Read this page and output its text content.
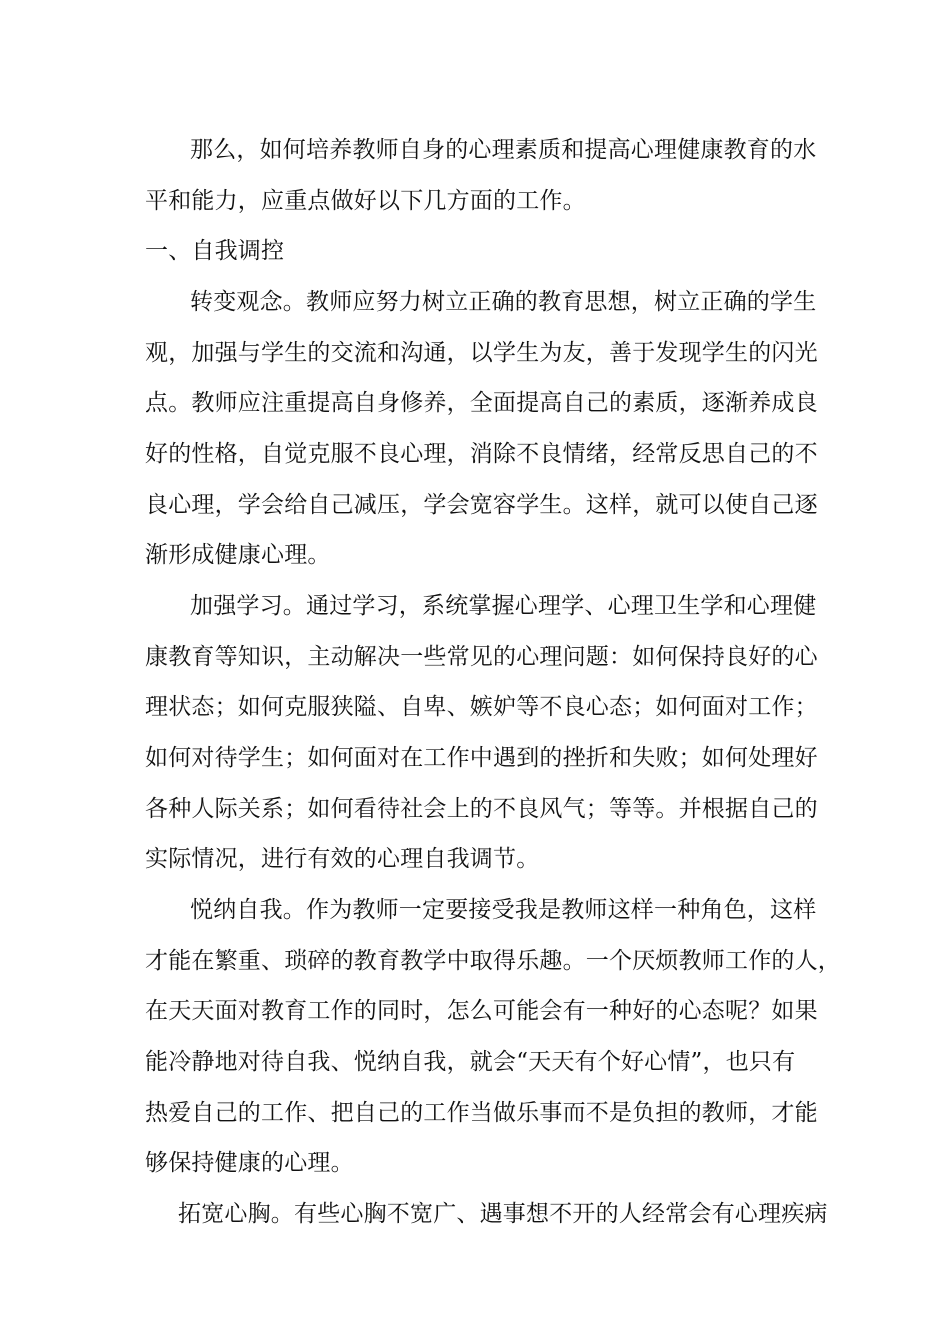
那么，如何培养教师自身的心理素质和提高心理健康教育的水
平和能力，应重点做好以下几方面的工作。
一、自我调控
转变观念。教师应努力树立正确的教育思想，树立正确的学生
观，加强与学生的交流和沟通，以学生为友，善于发现学生的闪光
点。教师应注重提高自身修养，全面提高自己的素质，逐渐养成良
好的性格，自觉克服不良心理，消除不良情绪，经常反思自己的不
良心理，学会给自己减压，学会宽容学生。这样，就可以使自己逐
渐形成健康心理。
加强学习。通过学习，系统掌握心理学、心理卫生学和心理健
康教育等知识，主动解决一些常见的心理问题：如何保持良好的心
理状态；如何克服狭隘、自卑、嫉妒等不良心态；如何面对工作；
如何对待学生；如何面对在工作中遇到的挫折和失败；如何处理好
各种人际关系；如何看待社会上的不良风气；等等。并根据自己的
实际情况，进行有效的心理自我调节。
悦纳自我。作为教师一定要接受我是教师这样一种角色，这样
才能在繁重、琐碎的教育教学中取得乐趣。一个厌烦教师工作的人，
在天天面对教育工作的同时，怎么可能会有一种好的心态呢？如果
能冷静地对待自我、悦纳自我，就会“天天有个好心情”，也只有
热爱自己的工作、把自己的工作当做乐事而不是负担的教师，才能
够保持健康的心理。
拓宽心胸。有些心胸不宽广、遇事想不开的人经常会有心理疾病
